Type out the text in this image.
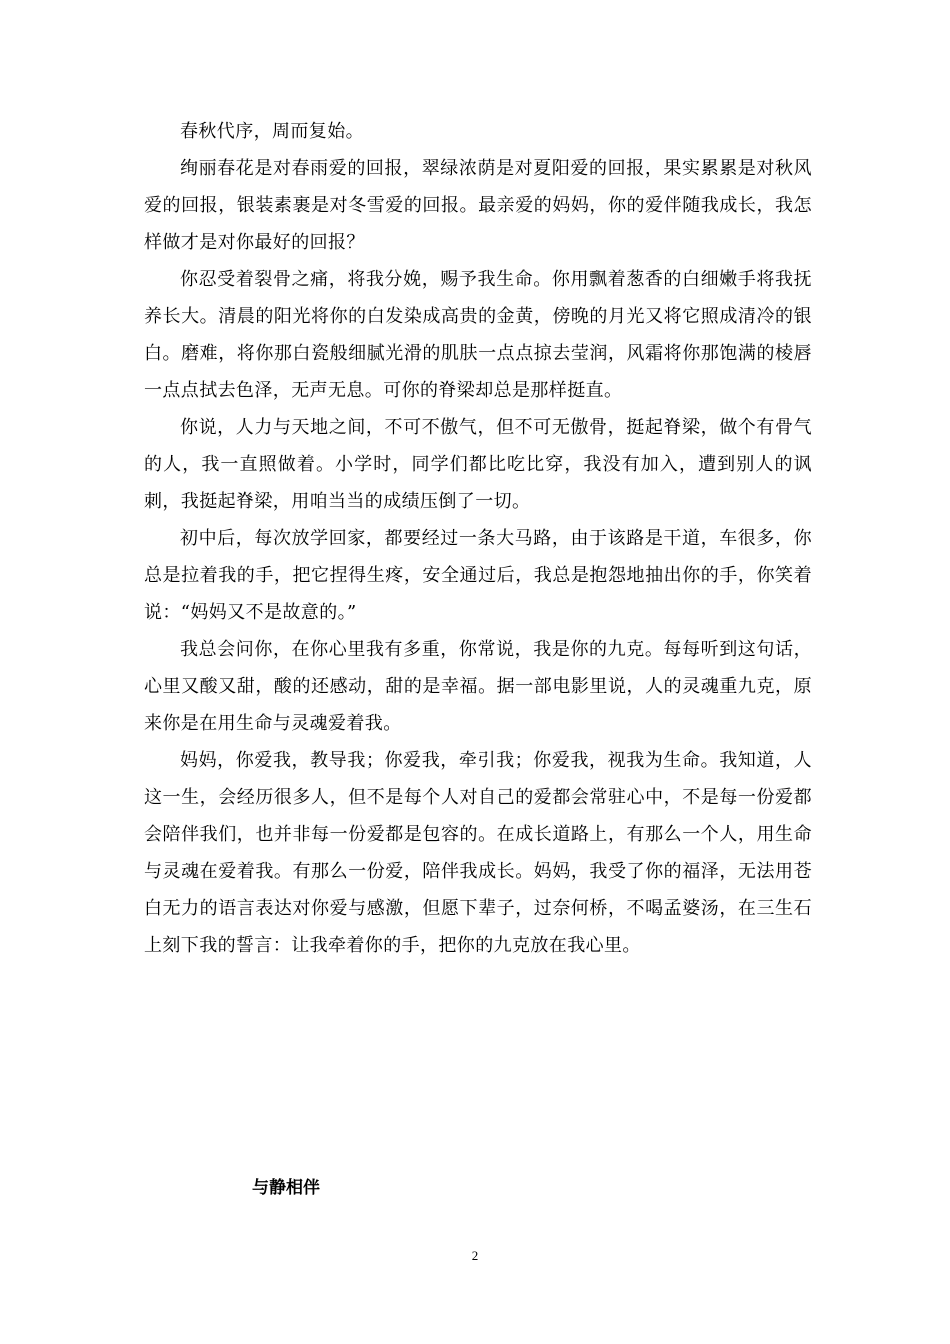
春秋代序，周而复始。

绚丽春花是对春雨爱的回报，翠绿浓荫是对夏阳爱的回报，果实累累是对秋风爱的回报，银装素裹是对冬雪爱的回报。最亲爱的妈妈，你的爱伴随我成长，我怎样做才是对你最好的回报？

你忍受着裂骨之痛，将我分娩，赐予我生命。你用飘着葱香的白细嫩手将我抚养长大。清晨的阳光将你的白发染成高贵的金黄，傍晚的月光又将它照成清冷的银白。磨难，将你那白瓷般细腻光滑的肌肤一点点掠去莹润，风霜将你那饱满的棱唇一点点拭去色泽，无声无息。可你的脊梁却总是那样挺直。

你说，人力与天地之间，不可不傲气，但不可无傲骨，挺起脊梁，做个有骨气的人，我一直照做着。小学时，同学们都比吃比穿，我没有加入，遭到别人的讽刺，我挺起脊梁，用咱当当的成绩压倒了一切。

初中后，每次放学回家，都要经过一条大马路，由于该路是干道，车很多，你总是拉着我的手，把它捏得生疼，安全通过后，我总是抱怨地抽出你的手，你笑着说：“妈妈又不是故意的。”

我总会问你，在你心里我有多重，你常说，我是你的九克。每每听到这句话，心里又酸又甜，酸的还感动，甜的是幸福。据一部电影里说，人的灵魂重九克，原来你是在用生命与灵魂爱着我。

妈妈，你爱我，教导我；你爱我，牵引我；你爱我，视我为生命。我知道，人这一生，会经历很多人，但不是每个人对自己的爱都会常驻心中，不是每一份爱都会陪伴我们，也并非每一份爱都是包容的。在成长道路上，有那么一个人，用生命与灵魂在爱着我。有那么一份爱，陪伴我成长。妈妈，我受了你的福泽，无法用苍白无力的语言表达对你爱与感激，但愿下辈子，过奈何桥，不喝孟婆汤，在三生石上刻下我的誓言：让我牵着你的手，把你的九克放在我心里。

与静相伴
2
